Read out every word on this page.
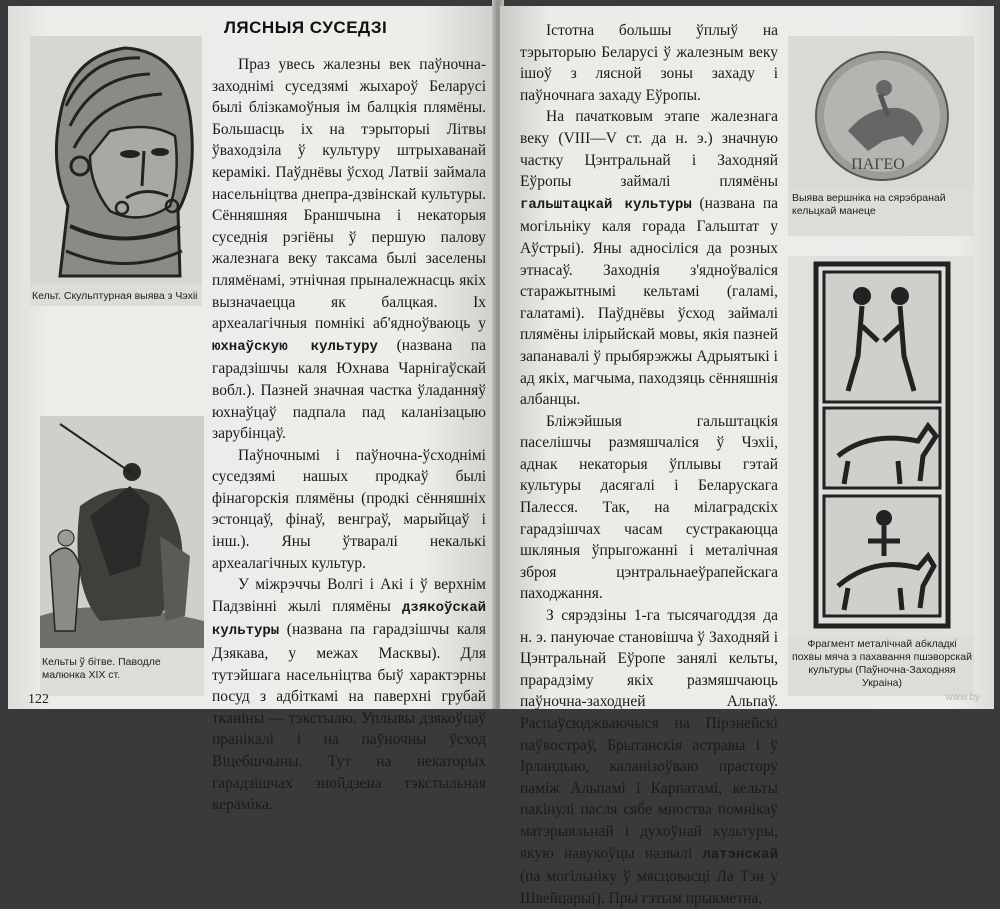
Кельт. Скульптурная выява з Чэхіі
Кельты ў бітве. Паводле малюнка XIX ст.
ЛЯСНЫЯ СУСЕДЗІ

Праз увесь жалезны век паўночна-заходнімі суседзямі жыхароў Беларусі былі блізкамоўныя ім балцкія плямёны. Большасць іх на тэрыторыі Літвы ўваходзіла ў культуру штрыхаванай керамікі. Паўднёвы ўсход Латвіі займала насельніцтва днепра-дзвінскай культуры. Сённяшняя Браншчына і некаторыя суседнія рэгіёны ў першую палову жалезнага веку таксама былі заселены плямёнамі, этнічная прыналежнасць якіх вызначаецца як балцкая. Іх археалагічныя помнікі аб'ядноўваюць у юхнаўскую культуру (названа па гарадзішчы каля Юхнава Чарнігаўскай вобл.). Пазней значная частка ўладанняў юхнаўцаў падпала пад каланізацыю зарубінцаў.

Паўночнымі і паўночна-ўсходнімі суседзямі нашых продкаў былі фінагорскія плямёны (продкі сённяшніх эстонцаў, фінаў, венграў, марыйцаў і інш.). Яны ўтваралі некалькі археалагічных культур.

У міжрэччы Волгі і Акі і ў верхнім Падзвінні жылі плямёны дзякоўскай культуры (названа па гарадзішчы каля Дзякава, у межах Масквы). Для тутэйшага насельніцтва быў характэрны посуд з адбіткамі на паверхні грубай тканіны — тэкстылю. Уплывы дзякоўцаў пранікалі і на паўночны ўсход Віцебшчыны. Тут на некаторых гарадзішчах знойдзена тэкстыльная кераміка.

122

Істотна большы ўплыў на тэрыторыю Беларусі ў жалезным веку ішоў з лясной зоны захаду і паўночнага захаду Еўропы.

На пачатковым этапе жалезнага веку (VIII—V ст. да н. э.) значную частку Цэнтральнай і Заходняй Еўропы займалі плямёны гальштацкай культуры (названа па могільніку каля горада Гальштат у Аўстрыі). Яны адносіліся да розных этнасаў. Заходнія з'ядноўваліся старажытнымі кельтамі (галамі, галатамі). Паўднёвы ўсход займалі плямёны ілірыйскай мовы, якія пазней запанавалі ў прыбярэжжы Адрыятыкі і ад якіх, магчыма, паходзяць сённяшнія албанцы.

Бліжэйшыя гальштацкія паселішчы размяшчаліся ў Чэхіі, аднак некаторыя ўплывы гэтай культуры дасягалі і Беларускага Палесся. Так, на мілаградскіх гарадзішчах часам сустракаюцца шкляныя ўпрыгожанні і металічная зброя цэнтральнаеўрапейскага паходжання.

З сярэдзіны 1-га тысячагоддзя да н. э. пануючае становішча ў Заходняй і Цэнтральнай Еўропе занялі кельты, прарадзіму якіх размяшчаюць паўночна-заходней Альпаў. Распаўсюджваючыся на Пірэнейскі паўвостраў, Брытанскія астравы і ў Ірландыю, каланізоўваю прастору паміж Альпамі і Карпатамі, кельты пакінулі пасля сябе мноства помнікаў матэрыяльнай і духоўнай культуры, якую навукоўцы назвалі латэнскай (па могільніку ў мясцовасці Ла Тэн у Швейцарыі). Пры гэтым прыкметна,

ΠΑΓΕΟ
Выява вершніка на сярэбранай кельцкай манеце
Фрагмент металічнай абкладкі похвы мяча з пахавання пшэворскай культуры (Паўночна-Заходняя Украіна)
www.by
